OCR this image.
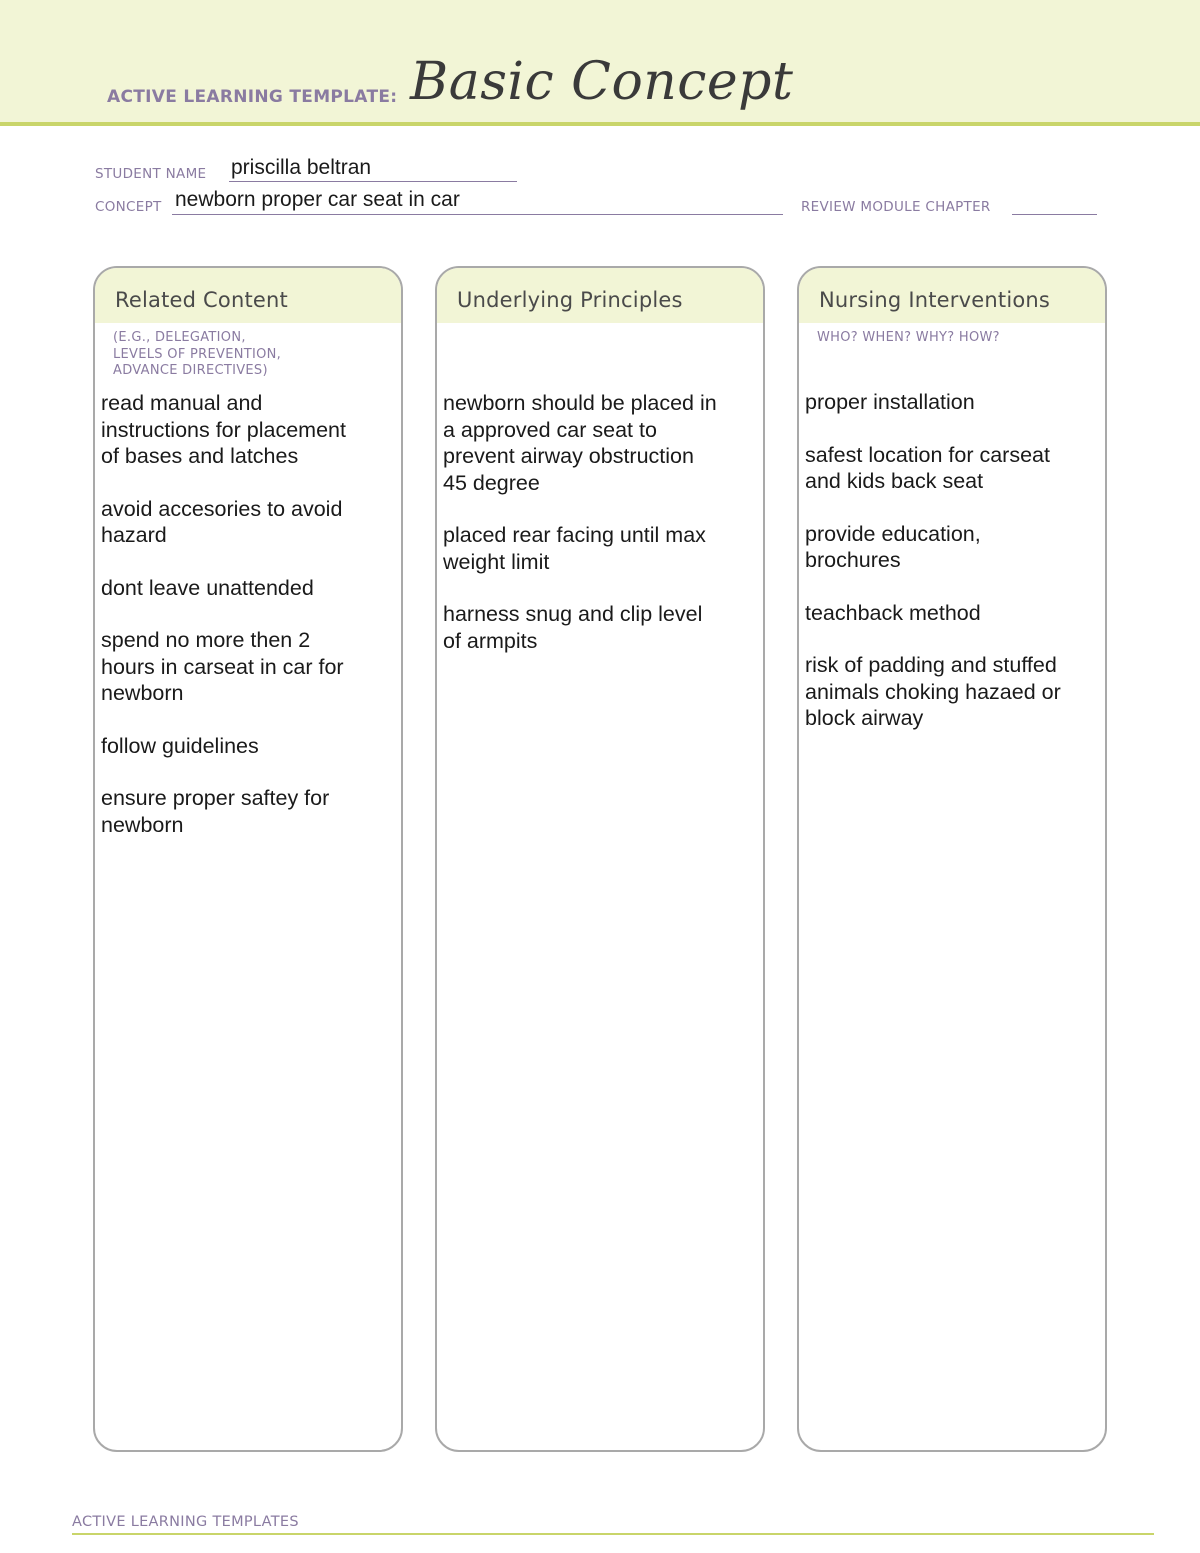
ACTIVE LEARNING TEMPLATE: Basic Concept
STUDENT NAME priscilla beltran
CONCEPT newborn proper car seat in car	REVIEW MODULE CHAPTER
Related Content
(E.G., DELEGATION,
LEVELS OF PREVENTION,
ADVANCE DIRECTIVES)
read manual and
instructions for placement
of bases and latches
avoid accesories to avoid
hazard
dont leave unattended
spend no more then 2
hours in carseat in car for
newborn
follow guidelines
ensure proper saftey for
newborn
Underlying Principles
newborn should be placed in
a approved car seat to
prevent airway obstruction
45 degree
placed rear facing until max
weight limit
harness snug and clip level
of armpits
Nursing Interventions
WHO? WHEN? WHY? HOW?
proper installation
safest location for carseat
and kids back seat
provide education,
brochures
teachback method
risk of padding and stuffed
animals choking hazaed or
block airway
ACTIVE LEARNING TEMPLATES
